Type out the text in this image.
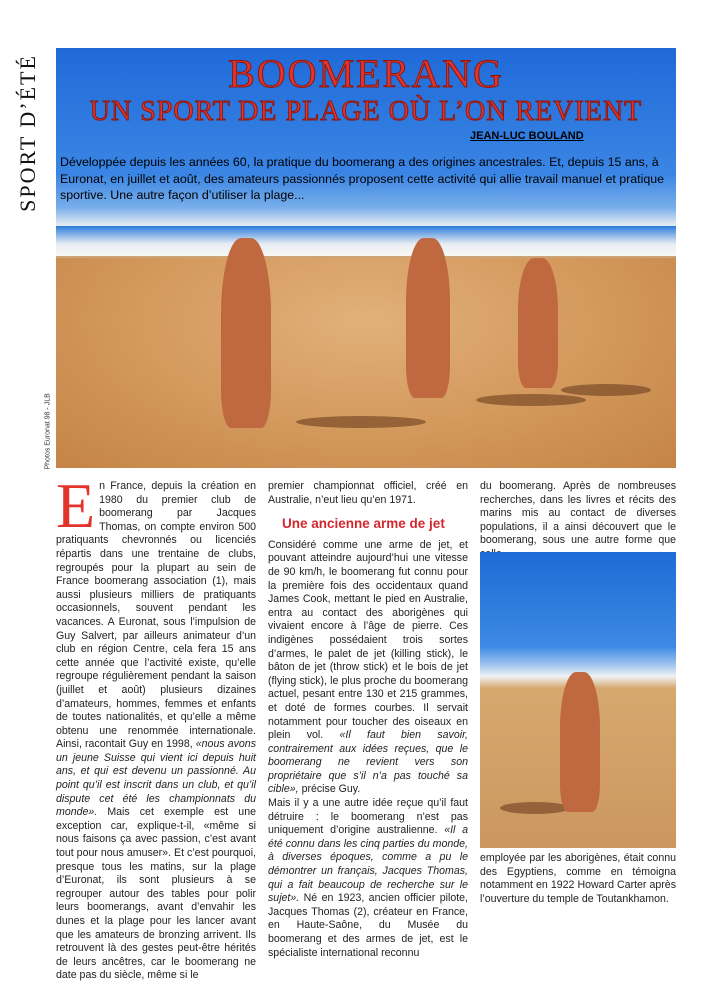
SPORT D’ÉTÉ
Photos Euronat 98 - JLB
BOOMERANG
UN SPORT DE PLAGE OÙ L’ON REVIENT
JEAN-LUC BOULAND
Développée depuis les années 60, la pratique du boomerang a des origines ancestrales. Et, depuis 15 ans, à Euronat, en juillet et août, des amateurs passionnés proposent cette activité qui allie travail manuel et pratique sportive. Une autre façon d’utiliser la plage...
En France, depuis la création en 1980 du premier club de boomerang par Jacques Thomas, on compte environ 500 pratiquants chevronnés ou licenciés répartis dans une trentaine de clubs, regroupés pour la plupart au sein de France boomerang association (1), mais aussi plusieurs milliers de pratiquants occasionnels, souvent pendant les vacances. A Euronat, sous l’impulsion de Guy Salvert, par ailleurs animateur d’un club en région Centre, cela fera 15 ans cette année que l’activité existe, qu’elle regroupe régulièrement pendant la saison (juillet et août) plusieurs dizaines d’amateurs, hommes, femmes et enfants de toutes nationalités, et qu’elle a même obtenu une renommée internationale. Ainsi, racontait Guy en 1998, «nous avons un jeune Suisse qui vient ici depuis huit ans, et qui est devenu un passionné. Au point qu’il est inscrit dans un club, et qu’il dispute cet été les championnats du monde». Mais cet exemple est une exception car, explique-t-il, «même si nous faisons ça avec passion, c’est avant tout pour nous amuser». Et c’est pourquoi, presque tous les matins, sur la plage d’Euronat, ils sont plusieurs à se regrouper autour des tables pour polir leurs boomerangs, avant d’envahir les dunes et la plage pour les lancer avant que les amateurs de bronzing arrivent. Ils retrouvent là des gestes peut-être hérités de leurs ancêtres, car le boomerang ne date pas du siècle, même si le
premier championnat officiel, créé en Australie, n’eut lieu qu’en 1971.
Une ancienne arme de jet
Considéré comme une arme de jet, et pouvant atteindre aujourd’hui une vitesse de 90 km/h, le boomerang fut connu pour la première fois des occidentaux quand James Cook, mettant le pied en Australie, entra au contact des aborigènes qui vivaient encore à l’âge de pierre. Ces indigènes possédaient trois sortes d’armes, le palet de jet (killing stick), le bâton de jet (throw stick) et le bois de jet (flying stick), le plus proche du boomerang actuel, pesant entre 130 et 215 grammes, et doté de formes courbes. Il servait notamment pour toucher des oiseaux en plein vol. «Il faut bien savoir, contrairement aux idées reçues, que le boomerang ne revient vers son propriétaire que s’il n’a pas touché sa cible», précise Guy.
Mais il y a une autre idée reçue qu’il faut détruire : le boomerang n’est pas uniquement d’origine australienne. «Il a été connu dans les cinq parties du monde, à diverses époques, comme a pu le démontrer un français, Jacques Thomas, qui a fait beaucoup de recherche sur le sujet». Né en 1923, ancien officier pilote, Jacques Thomas (2), créateur en France, en Haute-Saône, du Musée du boomerang et des armes de jet, est le spécialiste international reconnu
du boomerang. Après de nombreuses recherches, dans les livres et récits des marins mis au contact de diverses populations, il a ainsi découvert que le boomerang, sous une autre forme que
employée par les aborigènes, était connu des Egyptiens, comme en témoigna notamment en 1922 Howard Carter après l’ouverture du temple de Toutankhamon.
